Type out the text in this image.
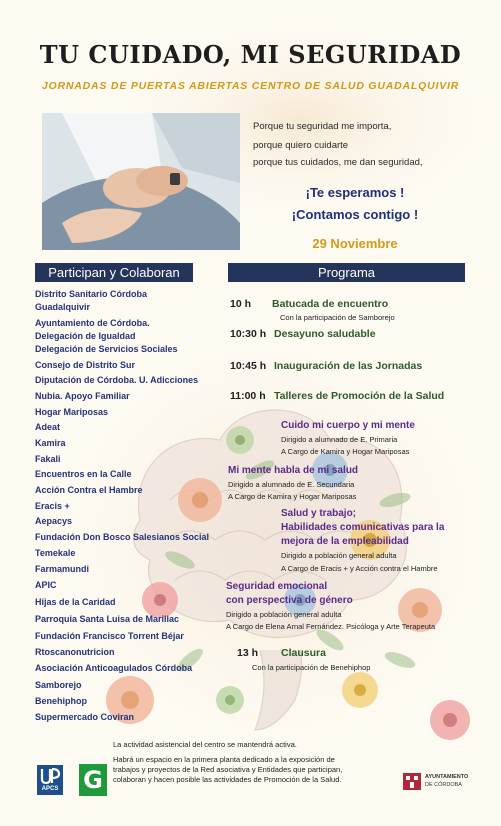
TU CUIDADO, MI SEGURIDAD
JORNADAS DE PUERTAS ABIERTAS CENTRO DE SALUD GUADALQUIVIR
Porque tu seguridad me importa,
porque quiero cuidarte
porque tus cuidados, me dan seguridad,
¡Te esperamos !
¡Contamos contigo !
29 Noviembre
Participan y Colaboran	Programa
Distrito Sanitario Córdoba
Guadalquivir
Ayuntamiento de Córdoba.
Delegación de Igualdad
Delegación de Servicios Sociales
Consejo de Distrito Sur
Diputación de Córdoba. U. Adicciones
Nubia. Apoyo Familiar
Hogar Mariposas
Adeat
Kamira
Fakali
Encuentros en la Calle
Acción Contra el Hambre
Eracis +
Aepacys
Fundación Don Bosco Salesianos Social
Temekale
Farmamundi
APIC
Hijas de la Caridad
Parroquia Santa Luisa de Marillac
Fundación Francisco Torrent Béjar
Rtoscanonutricion
Asociación Anticoagulados Córdoba
Samborejo
Benehiphop
Supermercado Coviran
10 h Batucada de encuentro
Con la participación de Samborejo
10:30 h Desayuno saludable
10:45 h Inauguración de las Jornadas
11:00 h Talleres de Promoción de la Salud
Cuido mi cuerpo y mi mente
Dirigido a alumnado de E. Primaria
A Cargo de Kamira y Hogar Mariposas
Mi mente habla de mi salud
Dirigido a alumnado de E. Secundaria
A Cargo de Kamira y Hogar Mariposas
Salud y trabajo;
Habilidades comunicativas para la
mejora de la empleabilidad
Dirigido a población general adulta
A Cargo de Eracis + y Acción contra el Hambre
Seguridad emocional
con perspectiva de género
Dirigido a población general adulta
A Cargo de Elena Arnal Fernández. Psicóloga y Arte Terapeuta
13 h Clausura
Con la participación de Benehiphop
La actividad asistencial del centro se mantendrá activa.
Habrá un espacio en la primera planta dedicado a la exposición de
trabajos y proyectos de la Red asociativa y Entidades que participan,
colaboran y hacen posible las actividades de Promoción de la Salud.
APCS G	AYUNTAMIENTO
DE CÓRDOBA
